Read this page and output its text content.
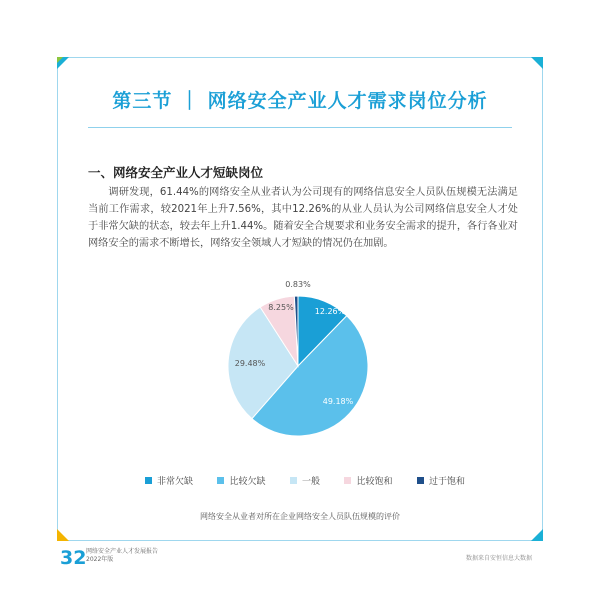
第三节 ｜ 网络安全产业人才需求岗位分析
一、网络安全产业人才短缺岗位
调研发现，61.44%的网络安全从业者认为公司现有的网络信息安全人员队伍规模无法满足当前工作需求，较2021年上升7.56%，其中12.26%的从业人员认为公司网络信息安全人才处于非常欠缺的状态，较去年上升1.44%。随着安全合规要求和业务安全需求的提升，各行各业对网络安全的需求不断增长，网络安全领域人才短缺的情况仍在加剧。
12.26%
49.18%
29.48%
8.25%
0.83%
非常欠缺	比较欠缺	一般	比较饱和	过于饱和
网络安全从业者对所在企业网络安全人员队伍规模的评价
32 网络安全产业人才发展报告
2022年版	数据来自安恒信息大数据
